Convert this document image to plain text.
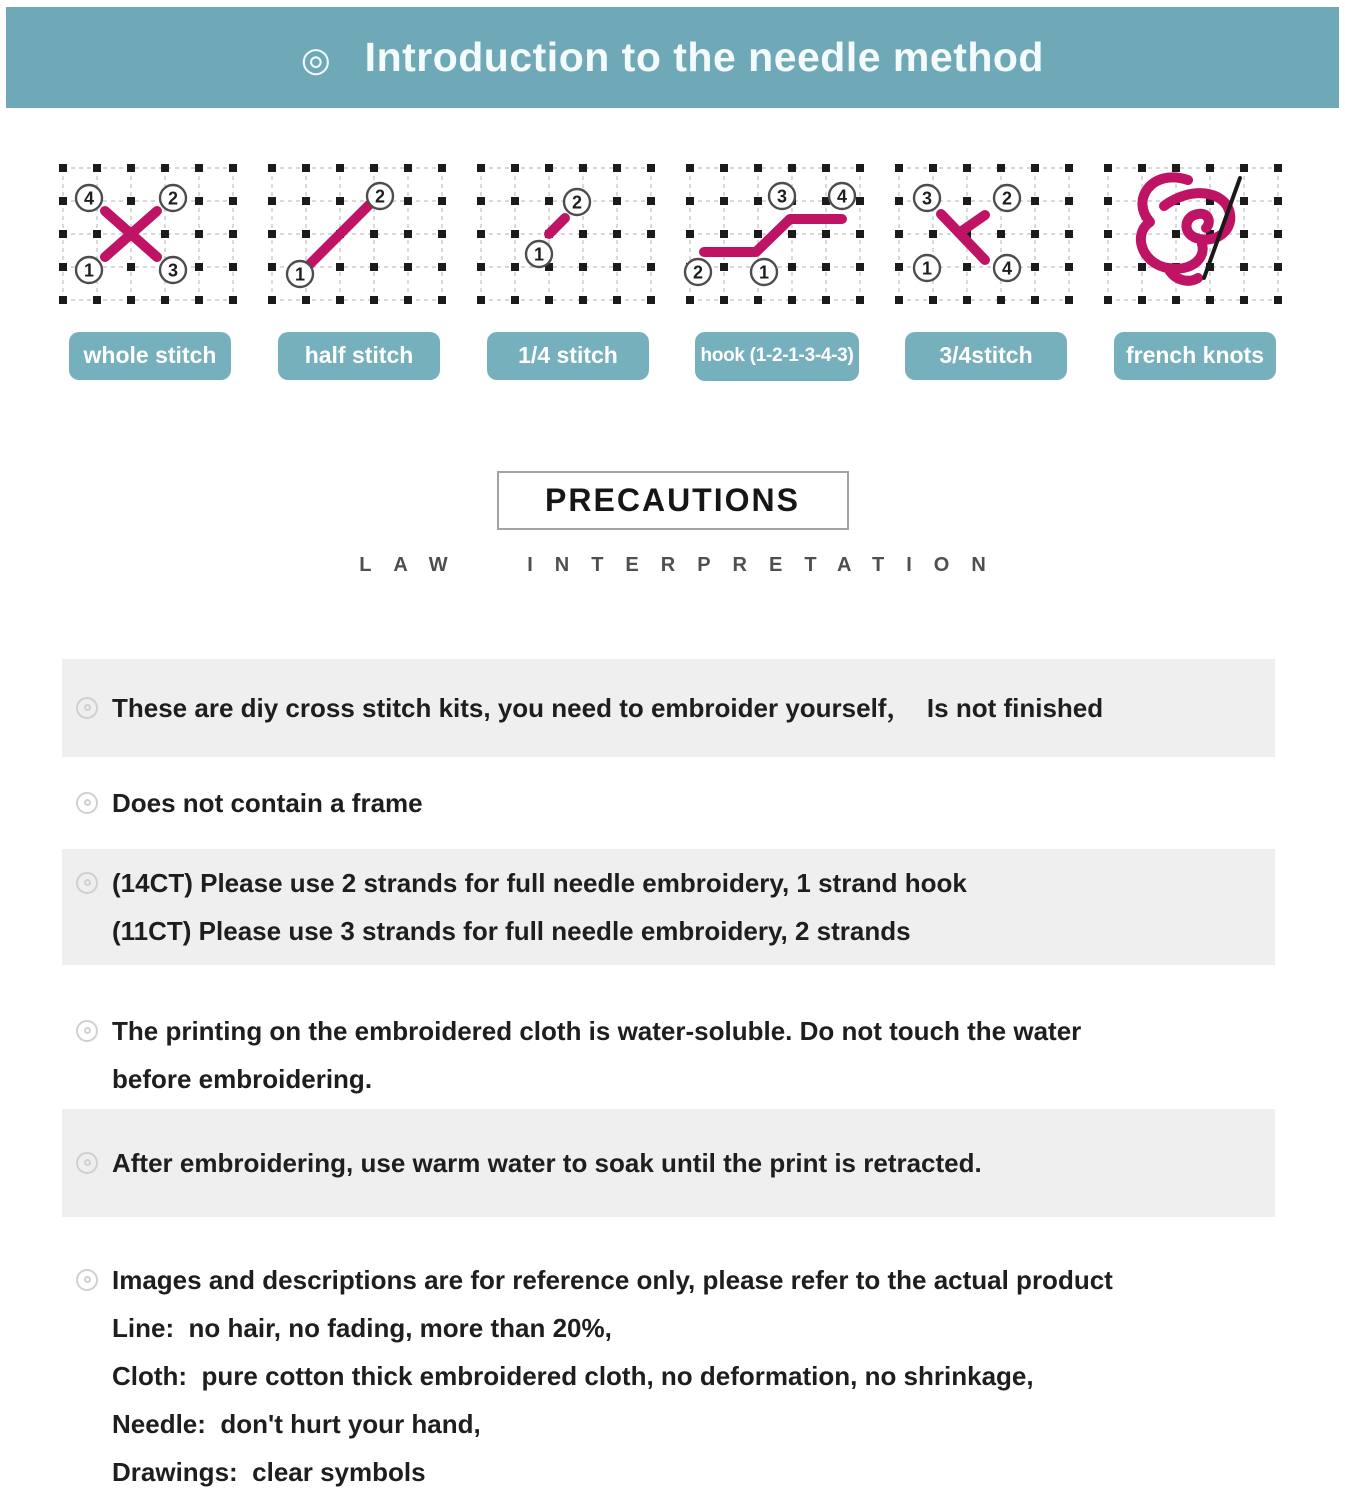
◎ Introduction to the needle method
4	2
1	3
whole stitch
1
2
half stitch
1
2
1/4 stitch
2	1
3	4
hook (1-2-1-3-4-3)
3	2
1	4
3/4stitch	french knots
PRECAUTIONS
LAW INTERPRETATION
These are diy cross stitch kits, you need to embroider yourself，  Is not finished
Does not contain a frame
(14CT) Please use 2 strands for full needle embroidery, 1 strand hook
(11CT) Please use 3 strands for full needle embroidery, 2 strands
The printing on the embroidered cloth is water-soluble. Do not touch the water
before embroidering.
After embroidering, use warm water to soak until the print is retracted.
Images and descriptions are for reference only, please refer to the actual product
Line:  no hair, no fading, more than 20%,
Cloth:  pure cotton thick embroidered cloth, no deformation, no shrinkage,
Needle:  don't hurt your hand,
Drawings:  clear symbols
